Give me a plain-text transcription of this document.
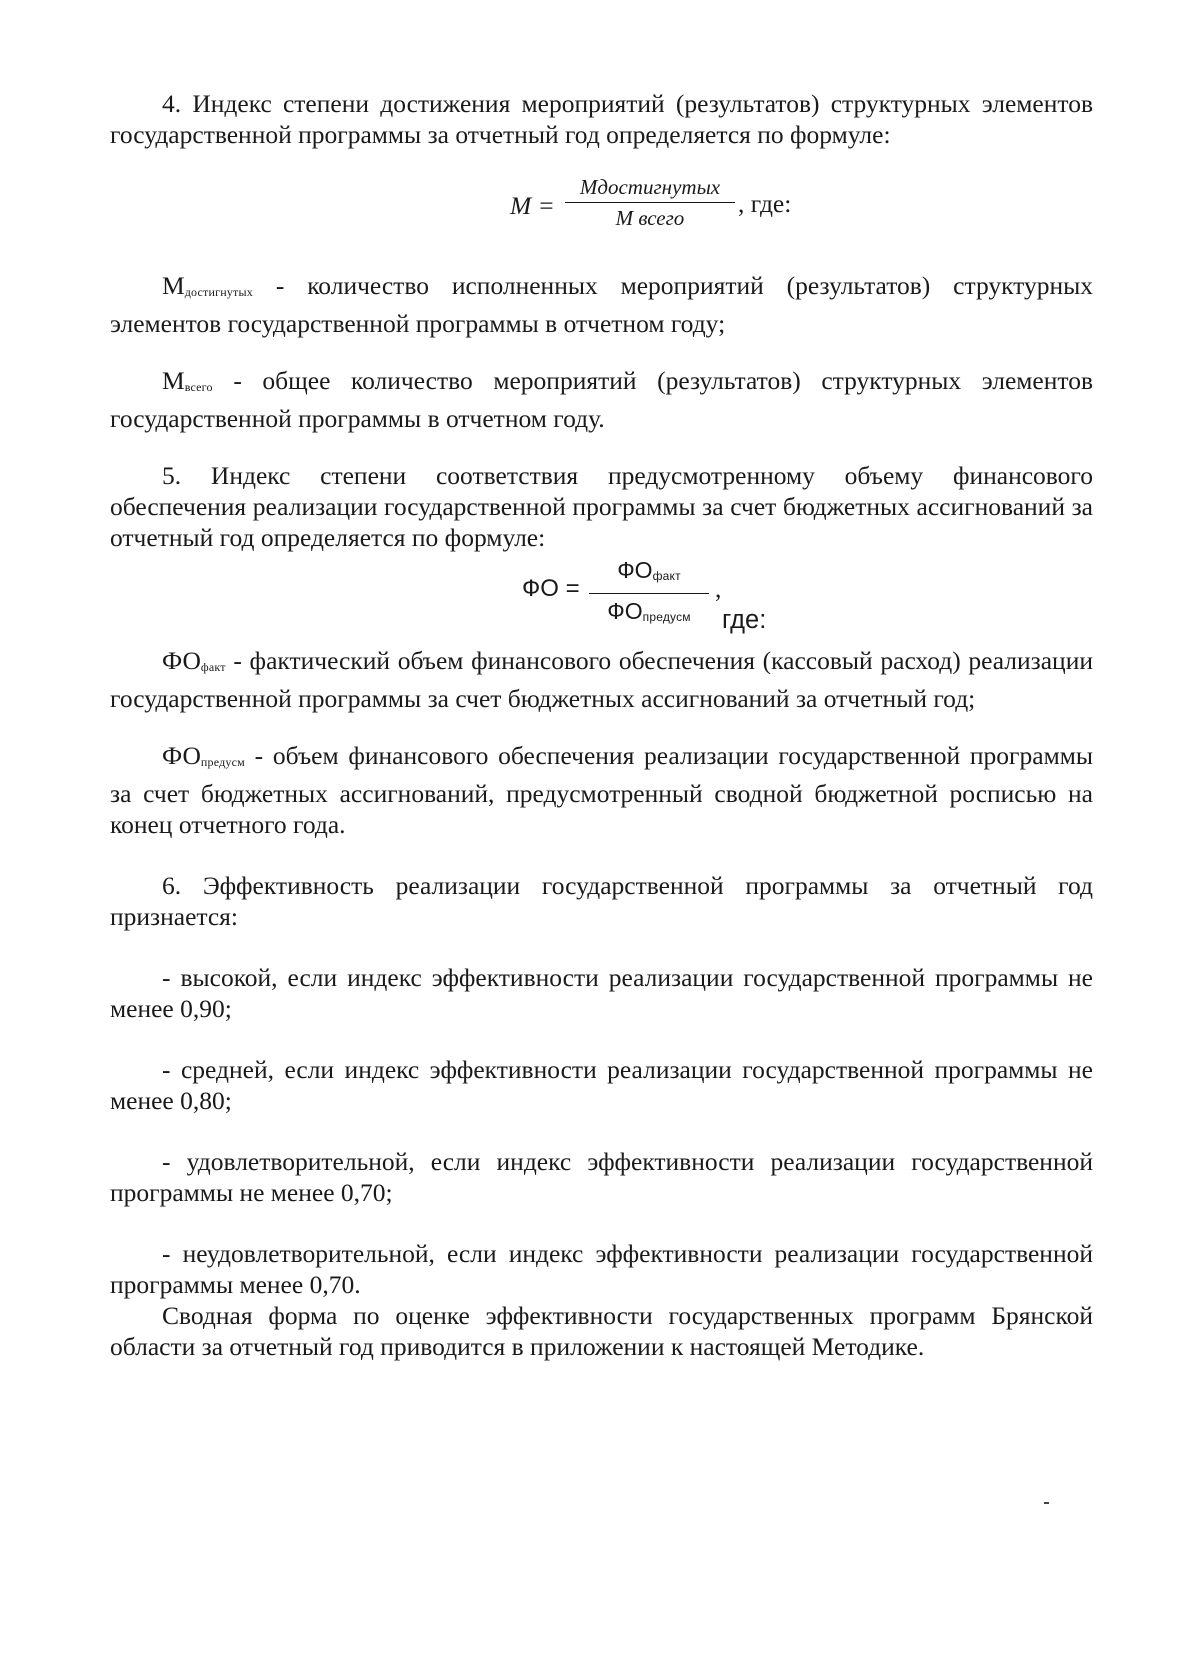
4. Индекс степени достижения мероприятий (результатов) структурных элементов государственной программы за отчетный год определяется по формуле:

M =
Mдостигнутых
M всего	, где:

$M_{достигнутых}$ - количество исполненных мероприятий (результатов) структурных элементов государственной программы в отчетном году;

$M_{всего}$ - общее количество мероприятий (результатов) структурных элементов государственной программы в отчетном году.

5. Индекс степени соответствия предусмотренному объему финансового обеспечения реализации государственной программы за счет бюджетных ассигнований за отчетный год определяется по формуле:

ФО =
$ФО_{факт}$
$ФО_{предусм}$
,
где:

$ФО_{факт}$ - фактический объем финансового обеспечения (кассовый расход) реализации государственной программы за счет бюджетных ассигнований за отчетный год;

$ФО_{предусм}$ - объем финансового обеспечения реализации государственной программы за счет бюджетных ассигнований, предусмотренный сводной бюджетной росписью на конец отчетного года.

6. Эффективность реализации государственной программы за отчетный год признается:

- высокой, если индекс эффективности реализации государственной программы не менее 0,90;

- средней, если индекс эффективности реализации государственной программы не менее 0,80;

- удовлетворительной, если индекс эффективности реализации государственной программы не менее 0,70;

- неудовлетворительной, если индекс эффективности реализации государственной программы менее 0,70.

Сводная форма по оценке эффективности государственных программ Брянской области за отчетный год приводится в приложении к настоящей Методике.
